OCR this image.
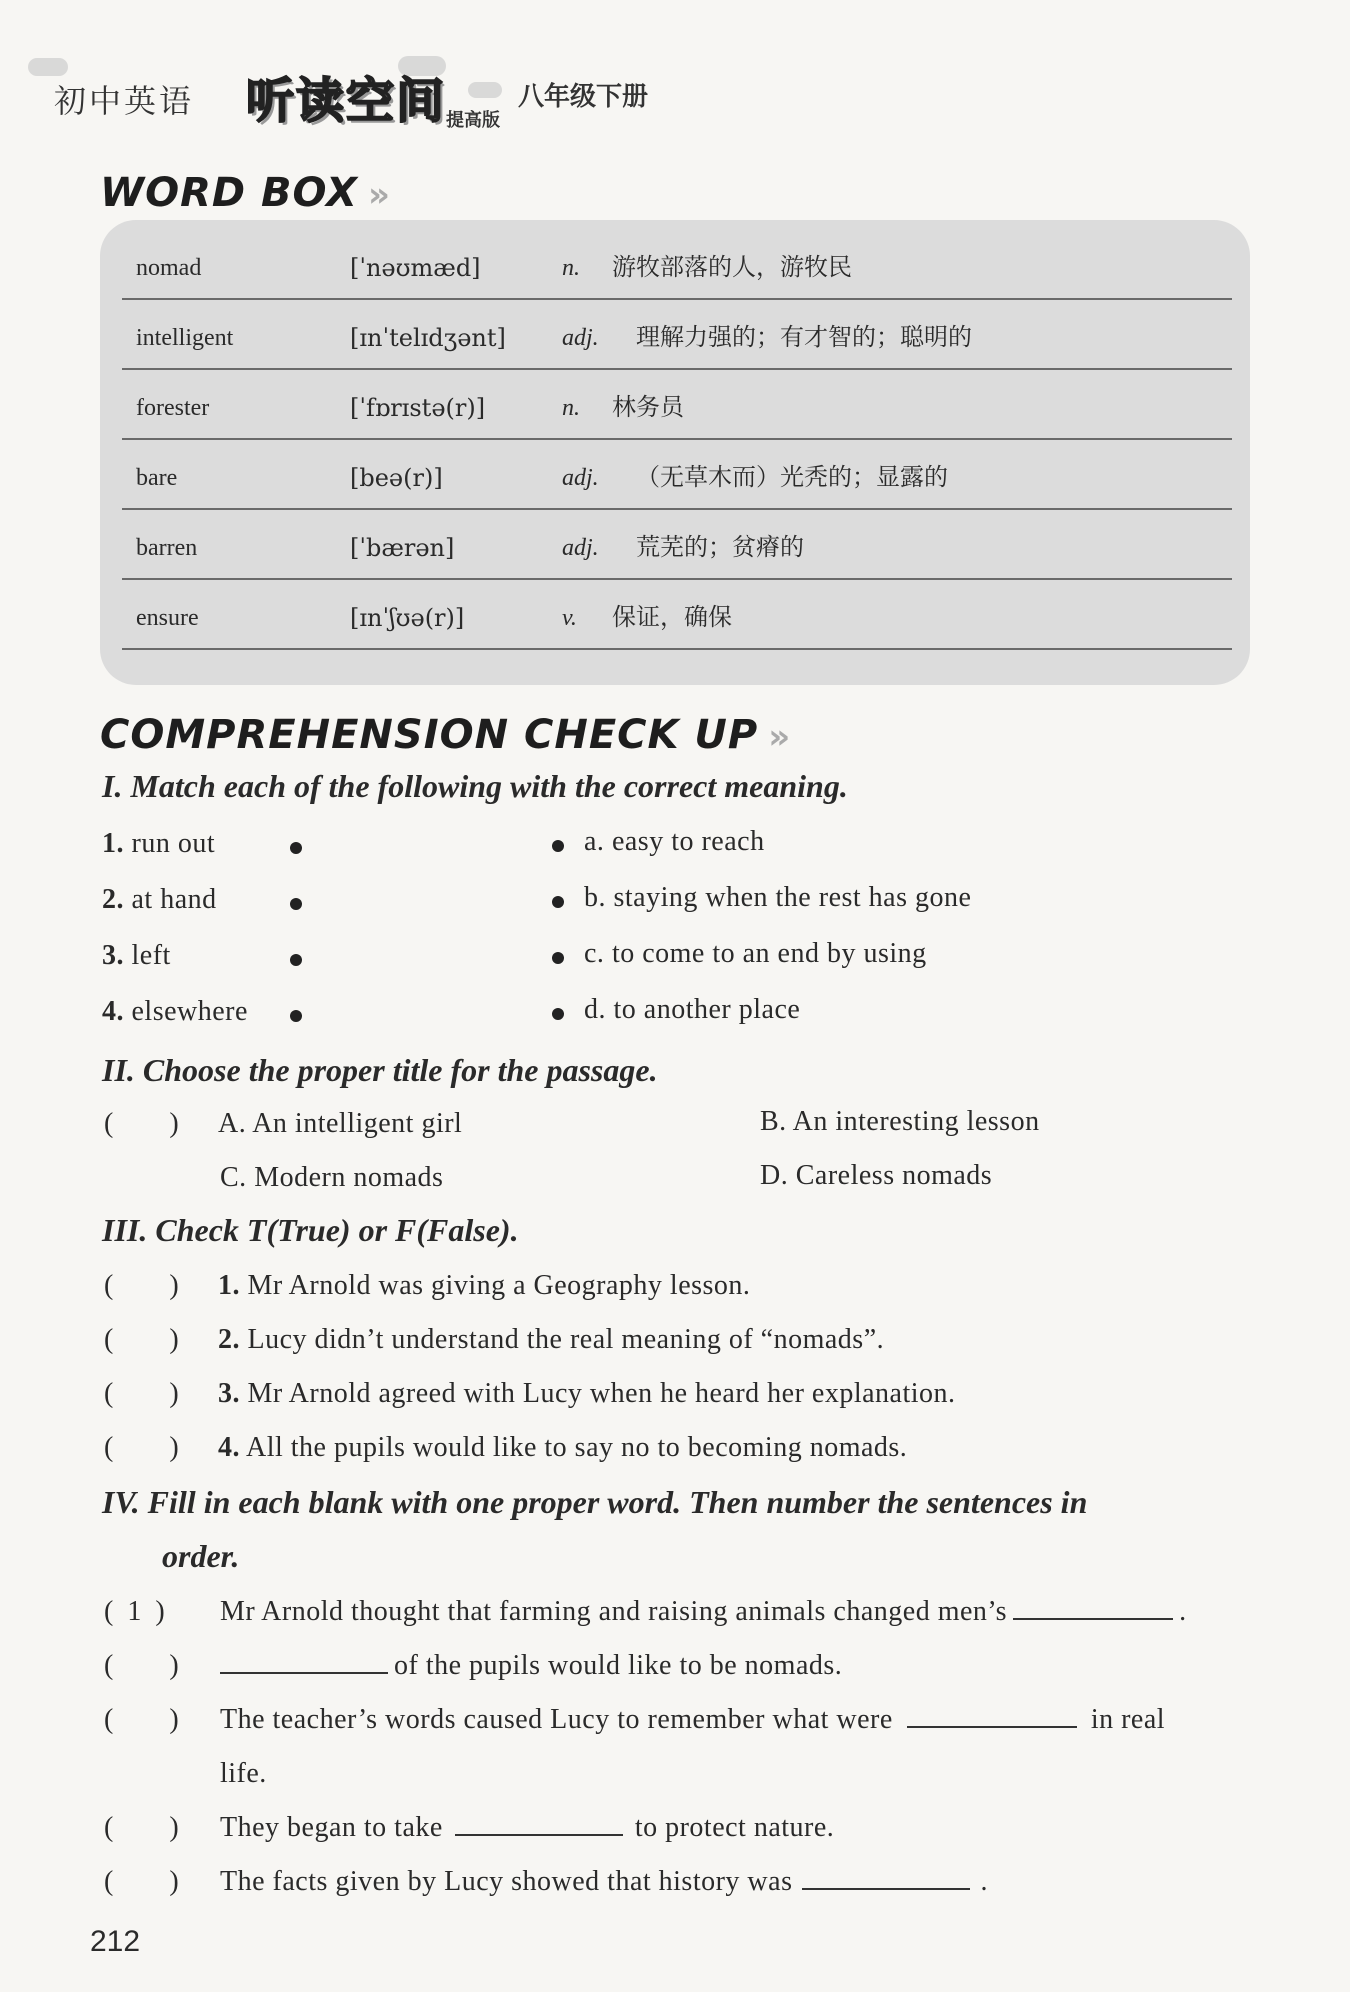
初中英语 听读空间 提高版
八年级下册
WORD BOX »
nomad	[ˈnəʊmæd]	n. 游牧部落的人，游牧民
intelligent	[ɪnˈtelɪdʒənt] adj. 理解力强的；有才智的；聪明的
forester	[ˈfɒrɪstə(r)]	n. 林务员
bare	[beə(r)]	adj. （无草木而）光秃的；显露的
barren	[ˈbærən]	adj. 荒芜的；贫瘠的
ensure	[ɪnˈʃʊə(r)]	v. 保证，确保
COMPREHENSION CHECK UP »
I. Match each of the following with the correct meaning.
1. run out
2. at hand
3. left
4. elsewhere
a. easy to reach
b. staying when the rest has gone
c. to come to an end by using
d. to another place
II. Choose the proper title for the passage.
(        ) A. An intelligent girl	B. An interesting lesson
C. Modern nomads	D. Careless nomads
III. Check T(True) or F(False).
(        ) 1. Mr Arnold was giving a Geography lesson.
(        ) 2. Lucy didn’t understand the real meaning of “nomads”.
(        ) 3. Mr Arnold agreed with Lucy when he heard her explanation.
(        ) 4. All the pupils would like to say no to becoming nomads.
IV. Fill in each blank with one proper word. Then number the sentences in
order.
(  1  ) Mr Arnold thought that farming and raising animals changed men’s	.
(        )	of the pupils would like to be nomads.
(        ) The teacher’s words caused Lucy to remember what were	in real
life.
(        ) They began to take	to protect nature.
(        ) The facts given by Lucy showed that history was	.
212
